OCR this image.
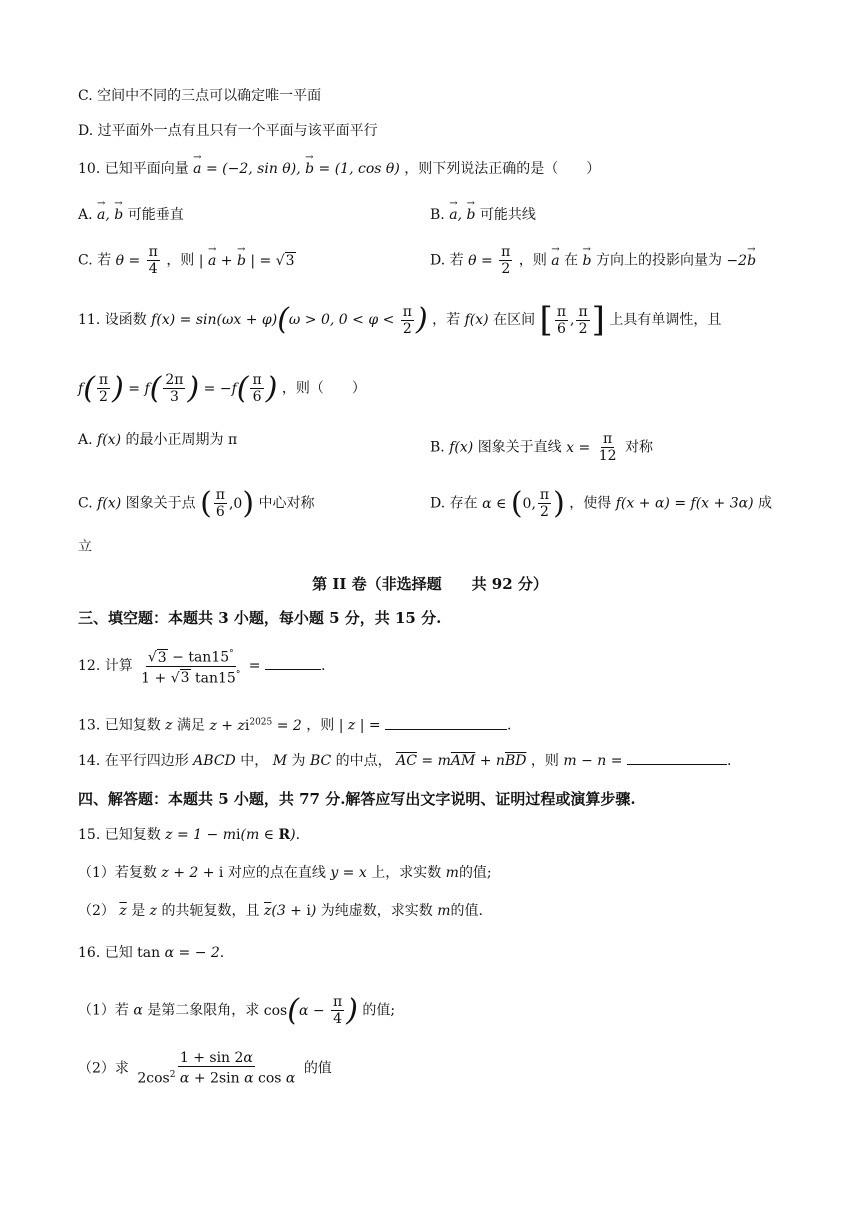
C. 空间中不同的三点可以确定唯一平面
D. 过平面外一点有且只有一个平面与该平面平行
10. 已知平面向量 → a = (−2, sin θ), → b = (1, cos θ) ，则下列说法正确的是（　　）
A. → a, → b 可能垂直	B. → a, → b 可能共线
C. 若 $\theta = \frac{\pi}{4}$ ，则 | → a + → b | = √3	D. 若 $\theta = \frac{\pi}{2}$ ，则 → a 在 → b 方向上的投影向量为 −2→ b
11. 设函数 f(x) = sin(ωx + φ)(ω > 0, $0 < \varphi < \frac{\pi}{2}$ ) ，若 f(x) 在区间 [ $\frac{\pi}{6}$ , $\frac{\pi}{2}$ ] 上具有单调性，且
$f( \frac{\pi}{2}$ ) = $f( \frac{2\pi}{3}$ ) = $-f( \frac{\pi}{6}$ ) ，则（　　）
A. f(x) 的最小正周期为 π	B. f(x) 图象关于直线 $x = \frac{\pi}{12}$ 对称
C. f(x) 图象关于点 ( $\frac{\pi}{6} ,0$) 中心对称	D. 存在 α ∈ (0, $\frac{\pi}{2}$ ) ，使得 f(x + α) = f(x + 3α) 成
立
第 II 卷（非选择题　　共 92 分）
三、填空题：本题共 3 小题，每小题 5 分，共 15 分.
12. 计算 $\frac{√3 - \tan 15^\circ}{1 + √3 \tan 15^\circ}$ =	.
13. 已知复数 z 满足 $z + zi^{2025} = 2$ ，则 | z | =	.
14. 在平行四边形 ABCD 中， M 为 BC 的中点， $\overline{AC} = m\overline{AM} + n\overline{BD}$ ，则 m − n =	.
四、解答题：本题共 5 小题，共 77 分.解答应写出文字说明、证明过程或演算步骤.
15. 已知复数 z = 1 − mi(m ∈ R).
（1）若复数 z + 2 + i 对应的点在直线 y = x 上，求实数 m的值;
（2） $\overline{z}$ 是 z 的共轭复数，且 $\overline{z}(3 + i)$ 为纯虚数，求实数 m的值.
16. 已知 tan α = − 2.
（1）若 α 是第二象限角，求 $\cos(\alpha - \frac{\pi}{4}$ ) 的值;
（2）求 $\frac{1 + \sin 2\alpha}{2\cos^2 \alpha + 2\sin \alpha \cos \alpha}$ 的值
